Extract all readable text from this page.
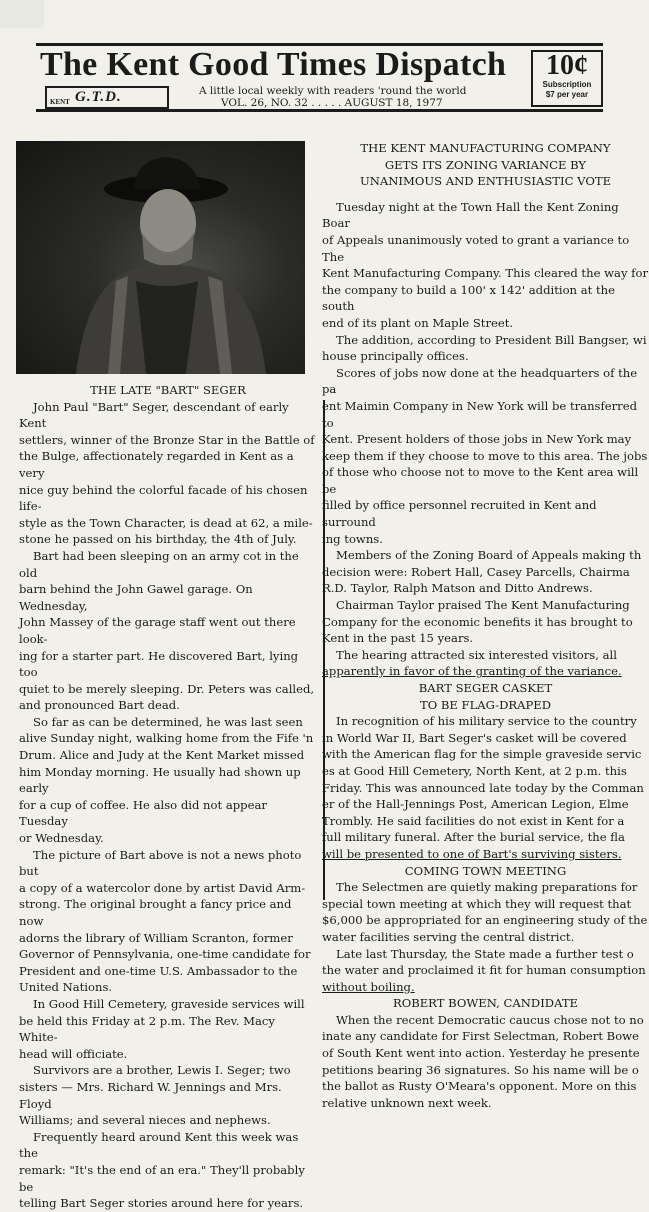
The Kent Good Times Dispatch
KENT G.T.D.	A little local weekly with readers 'round the world
VOL. 26, NO. 32 . . . . . AUGUST 18, 1977
10¢
Subscription
$7 per year
THE LATE "BART" SEGER
John Paul "Bart" Seger, descendant of early Kent
settlers, winner of the Bronze Star in the Battle of
the Bulge, affectionately regarded in Kent as a very
nice guy behind the colorful facade of his chosen life-
style as the Town Character, is dead at 62, a mile-
stone he passed on his birthday, the 4th of July.
Bart had been sleeping on an army cot in the old
barn behind the John Gawel garage. On Wednesday,
John Massey of the garage staff went out there look-
ing for a starter part. He discovered Bart, lying too
quiet to be merely sleeping. Dr. Peters was called,
and pronounced Bart dead.
So far as can be determined, he was last seen
alive Sunday night, walking home from the Fife 'n
Drum. Alice and Judy at the Kent Market missed
him Monday morning. He usually had shown up early
for a cup of coffee. He also did not appear Tuesday
or Wednesday.
The picture of Bart above is not a news photo but
a copy of a watercolor done by artist David Arm-
strong. The original brought a fancy price and now
adorns the library of William Scranton, former
Governor of Pennsylvania, one-time candidate for
President and one-time U.S. Ambassador to the
United Nations.
In Good Hill Cemetery, graveside services will
be held this Friday at 2 p.m. The Rev. Macy White-
head will officiate.
Survivors are a brother, Lewis I. Seger; two
sisters — Mrs. Richard W. Jennings and Mrs. Floyd
Williams; and several nieces and nephews.
Frequently heard around Kent this week was the
remark: "It's the end of an era." They'll probably be
telling Bart Seger stories around here for years.
THE KENT MANUFACTURING COMPANY
GETS ITS ZONING VARIANCE BY
UNANIMOUS AND ENTHUSIASTIC VOTE
Tuesday night at the Town Hall the Kent Zoning Boar
of Appeals unanimously voted to grant a variance to The
Kent Manufacturing Company. This cleared the way for
the company to build a 100' x 142' addition at the south
end of its plant on Maple Street.
The addition, according to President Bill Bangser, wi
house principally offices.
Scores of jobs now done at the headquarters of the pa
ent Maimin Company in New York will be transferred to
Kent. Present holders of those jobs in New York may
keep them if they choose to move to this area. The jobs
of those who choose not to move to the Kent area will be
filled by office personnel recruited in Kent and surround
ing towns.
Members of the Zoning Board of Appeals making th
decision were: Robert Hall, Casey Parcells, Chairma
R.D. Taylor, Ralph Matson and Ditto Andrews.
Chairman Taylor praised The Kent Manufacturing
Company for the economic benefits it has brought to
Kent in the past 15 years.
The hearing attracted six interested visitors, all
apparently in favor of the granting of the variance.
BART SEGER CASKET
TO BE FLAG-DRAPED
In recognition of his military service to the country
in World War II, Bart Seger's casket will be covered
with the American flag for the simple graveside servic
es at Good Hill Cemetery, North Kent, at 2 p.m. this
Friday. This was announced late today by the Comman
er of the Hall-Jennings Post, American Legion, Elme
Trombly. He said facilities do not exist in Kent for a
full military funeral. After the burial service, the fla
will be presented to one of Bart's surviving sisters.
COMING TOWN MEETING
The Selectmen are quietly making preparations for
special town meeting at which they will request that
$6,000 be appropriated for an engineering study of the
water facilities serving the central district.
Late last Thursday, the State made a further test o
the water and proclaimed it fit for human consumption
without boiling.
ROBERT BOWEN, CANDIDATE
When the recent Democratic caucus chose not to no
inate any candidate for First Selectman, Robert Bowe
of South Kent went into action. Yesterday he presente
petitions bearing 36 signatures. So his name will be o
the ballot as Rusty O'Meara's opponent. More on this
relative unknown next week.
